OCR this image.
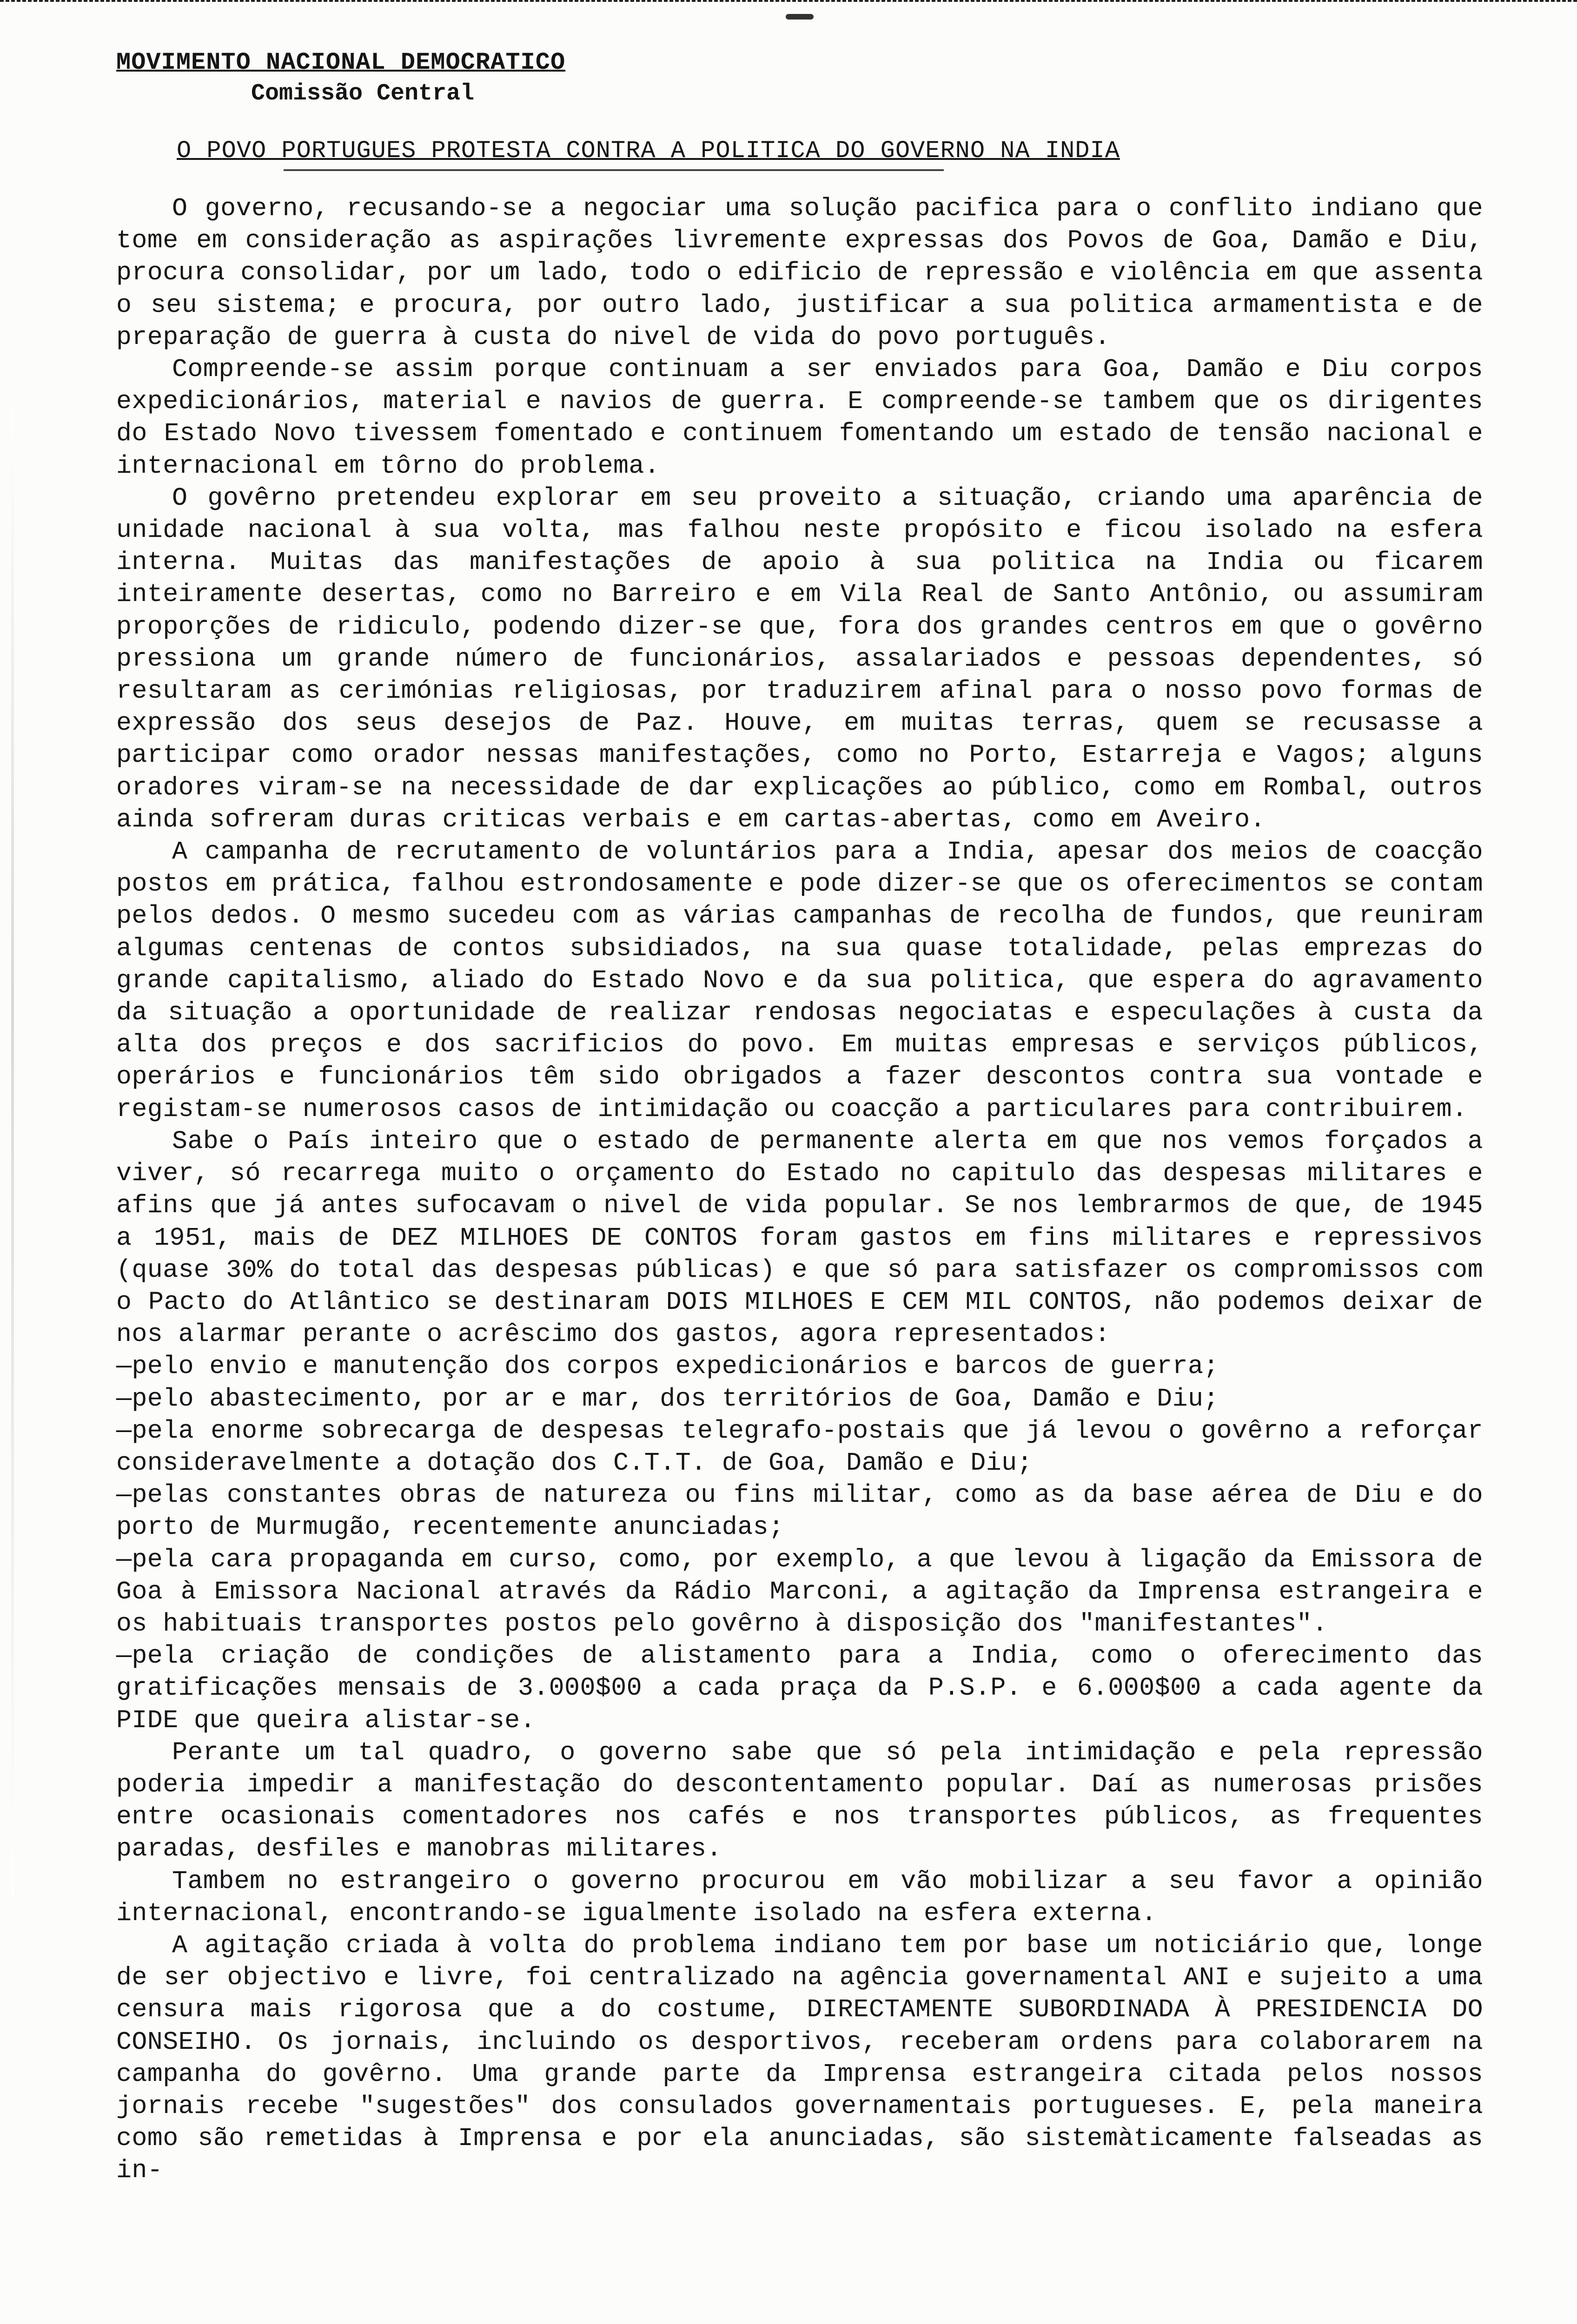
MOVIMENTO NACIONAL DEMOCRATICO
Comissão Central

O POVO PORTUGUES PROTESTA CONTRA A POLITICA DO GOVERNO NA INDIA

O governo, recusando-se a negociar uma solução pacifica para o conflito indiano que tome em consideração as aspirações livremente expressas dos Povos de Goa, Damão e Diu, procura consolidar, por um lado, todo o edificio de repressão e violência em que assenta o seu sistema; e procura, por outro lado, justificar a sua politica armamentista e de preparação de guerra à custa do nivel de vida do povo português.

Compreende-se assim porque continuam a ser enviados para Goa, Damão e Diu corpos expedicionários, material e navios de guerra. E compreende-se tambem que os dirigentes do Estado Novo tivessem fomentado e continuem fomentando um estado de tensão nacional e internacional em tôrno do problema.

O govêrno pretendeu explorar em seu proveito a situação, criando uma aparência de unidade nacional à sua volta, mas falhou neste propósito e ficou isolado na esfera interna. Muitas das manifestações de apoio à sua politica na India ou ficarem inteiramente desertas, como no Barreiro e em Vila Real de Santo Antônio, ou assumiram proporções de ridiculo, podendo dizer-se que, fora dos grandes centros em que o govêrno pressiona um grande número de funcionários, assalariados e pessoas dependentes, só resultaram as cerimónias religiosas, por traduzirem afinal para o nosso povo formas de expressão dos seus desejos de Paz. Houve, em muitas terras, quem se recusasse a participar como orador nessas manifestações, como no Porto, Estarreja e Vagos; alguns oradores viram-se na necessidade de dar explicações ao público, como em Rombal, outros ainda sofreram duras criticas verbais e em cartas-abertas, como em Aveiro.

A campanha de recrutamento de voluntários para a India, apesar dos meios de coacção postos em prática, falhou estrondosamente e pode dizer-se que os oferecimentos se contam pelos dedos. O mesmo sucedeu com as várias campanhas de recolha de fundos, que reuniram algumas centenas de contos subsidiados, na sua quase totalidade, pelas emprezas do grande capitalismo, aliado do Estado Novo e da sua politica, que espera do agravamento da situação a oportunidade de realizar rendosas negociatas e especulações à custa da alta dos preços e dos sacrificios do povo. Em muitas empresas e serviços públicos, operários e funcionários têm sido obrigados a fazer descontos contra sua vontade e registam-se numerosos casos de intimidação ou coacção a particulares para contribuirem.

Sabe o País inteiro que o estado de permanente alerta em que nos vemos forçados a viver, só recarrega muito o orçamento do Estado no capitulo das despesas militares e afins que já antes sufocavam o nivel de vida popular. Se nos lembrarmos de que, de 1945 a 1951, mais de DEZ MILHOES DE CONTOS foram gastos em fins militares e repressivos (quase 30% do total das despesas públicas) e que só para satisfazer os compromissos com o Pacto do Atlântico se destinaram DOIS MILHOES E CEM MIL CONTOS, não podemos deixar de nos alarmar perante o acrêscimo dos gastos, agora representados:

—pelo envio e manutenção dos corpos expedicionários e barcos de guerra;

—pelo abastecimento, por ar e mar, dos territórios de Goa, Damão e Diu;

—pela enorme sobrecarga de despesas telegrafo-postais que já levou o govêrno a reforçar consideravelmente a dotação dos C.T.T. de Goa, Damão e Diu;

—pelas constantes obras de natureza ou fins militar, como as da base aérea de Diu e do porto de Murmugão, recentemente anunciadas;

—pela cara propaganda em curso, como, por exemplo, a que levou à ligação da Emissora de Goa à Emissora Nacional através da Rádio Marconi, a agitação da Imprensa estrangeira e os habituais transportes postos pelo govêrno à disposição dos "manifestantes".

—pela criação de condições de alistamento para a India, como o oferecimento das gratificações mensais de 3.000$00 a cada praça da P.S.P. e 6.000$00 a cada agente da PIDE que queira alistar-se.

Perante um tal quadro, o governo sabe que só pela intimidação e pela repressão poderia impedir a manifestação do descontentamento popular. Daí as numerosas prisões entre ocasionais comentadores nos cafés e nos transportes públicos, as frequentes paradas, desfiles e manobras militares.

Tambem no estrangeiro o governo procurou em vão mobilizar a seu favor a opinião internacional, encontrando-se igualmente isolado na esfera externa.

A agitação criada à volta do problema indiano tem por base um noticiário que, longe de ser objectivo e livre, foi centralizado na agência governamental ANI e sujeito a uma censura mais rigorosa que a do costume, DIRECTAMENTE SUBORDINADA À PRESIDENCIA DO CONSEIHO. Os jornais, incluindo os desportivos, receberam ordens para colaborarem na campanha do govêrno. Uma grande parte da Imprensa estrangeira citada pelos nossos jornais recebe "sugestões" dos consulados governamentais portugueses. E, pela maneira como são remetidas à Imprensa e por ela anunciadas, são sistemàticamente falseadas as in-
